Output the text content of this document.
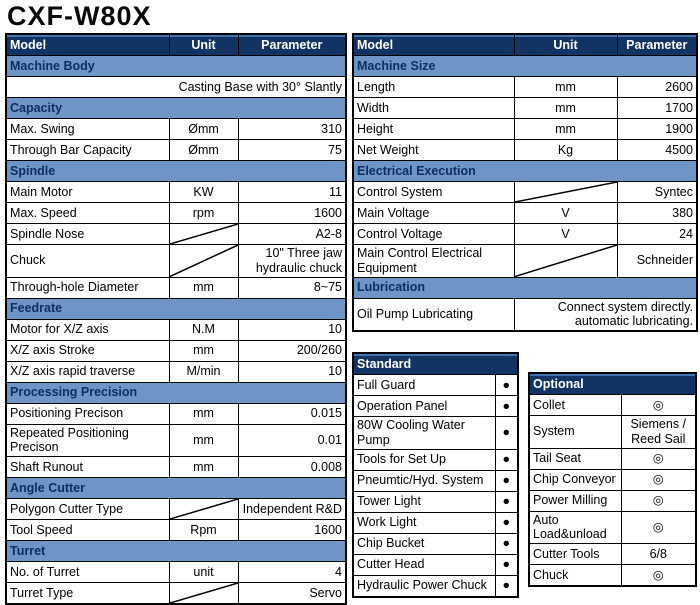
CXF-W80X
Model	Unit	Parameter
Machine Body		
Casting Base with 30° Slantly		
Capacity		
Max. Swing	Ømm	310
Through Bar Capacity	Ømm	75
Spindle		
Main Motor	KW	11
Max. Speed	rpm	1600
Spindle Nose		A2-8
Chuck		10" Three jaw hydraulic chuck
Through-hole Diameter	mm	8~75
Feedrate		
Motor for X/Z axis	N.M	10
X/Z axis Stroke	mm	200/260
X/Z axis rapid traverse	M/min	10
Processing Precision		
Positioning Precison	mm	0.015
Repeated Positioning Precison	mm	0.01
Shaft Runout	mm	0.008
Angle Cutter		
Polygon Cutter Type		Independent R&D
Tool Speed	Rpm	1600
Turret		
No. of Turret	unit	4
Turret Type		Servo
Model	Unit	Parameter
Machine Size		
Length	mm	2600
Width	mm	1700
Height	mm	1900
Net Weight	Kg	4500
Electrical Execution		
Control System		Syntec
Main Voltage	V	380
Control Voltage	V	24
Main Control Electrical Equipment		Schneider
Lubrication		
Oil Pump Lubricating	Connect system directly. automatic lubricating.	
Standard	
Full Guard	●
Operation Panel	●
80W Cooling Water Pump	●
Tools for Set Up	●
Pneumtic/Hyd. System	●
Tower Light	●
Work Light	●
Chip Bucket	●
Cutter Head	●
Hydraulic Power Chuck	●
Optional	
Collet	◎
System	Siemens / Reed Sail
Tail Seat	◎
Chip Conveyor	◎
Power Milling	◎
Auto Load&unload	◎
Cutter Tools	6/8
Chuck	◎
